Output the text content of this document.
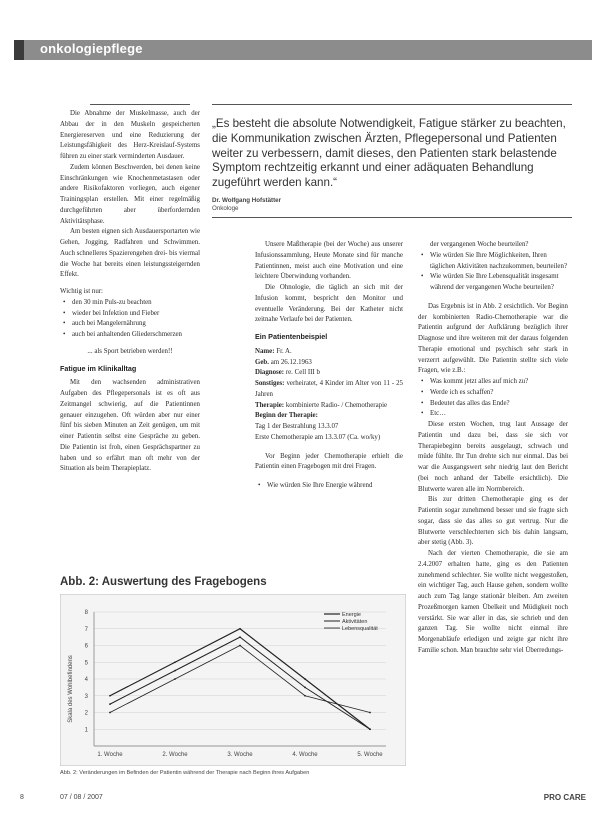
onkologiepflege

Die Abnahme der Muskelmasse, auch der Abbau der in den Muskeln gespeicherten Energiereserven und eine Reduzierung der Leistungsfähigkeit des Herz-Kreislauf-Systems führen zu einer stark verminderten Ausdauer.

Zudem können Beschwerden, bei denen keine Einschränkungen wie Knochenmetastasen oder andere Risikofaktoren vorliegen, auch eigener Trainingsplan erstellen. Mit einer regelmäßig durchgeführten aber überfordernden Aktivitätsphase.

Am besten eignen sich Ausdauersportarten wie Gehen, Jogging, Radfahren und Schwimmen. Auch schnelleres Spazierengehen drei- bis viermal die Woche hat bereits einen leistungssteigernden Effekt.

Wichtig ist nur:

• den 30 min Puls-zu beachten
• wieder bei Infektion und Fieber
• auch bei Mangelernährung
• auch bei anhaltenden Gliederschmerzen

... als Sport betrieben werden!!

Fatigue im Klinikalltag

Mit den wachsenden administrativen Aufgaben des Pflegepersonals ist es oft aus Zeitmangel schwierig, auf die Patientinnen genauer einzugehen. Oft würden aber nur einer fünf bis sieben Minuten an Zeit genügen, um mit einer Patientin selbst eine Gespräche zu geben. Die Patientin ist froh, einen Gesprächspartner zu haben und so erfährt man oft mehr von der Situation als beim Therapieplatz.

„Es besteht die absolute Notwendigkeit, Fatigue stärker zu beachten, die Kommunikation zwischen Ärzten, Pflegepersonal und Patienten weiter zu verbessern, damit dieses, den Patienten stark belastende Symptom rechtzeitig erkannt und einer adäquaten Behandlung zugeführt werden kann.“
Dr. Wolfgang Hofstätter
Onkologe

Unsere Maßtherapie (bei der Woche) aus unserer Infusionssammlung, Heute Monate sind für manche Patientinnen, meist auch eine Motivation und eine leichtere Überwindung vorhanden.

Die Ohnologie, die täglich an sich mit der Infusion kommt, bespricht den Monitor und eventuelle Veränderung. Bei der Katheter nicht zeitnahe Verlaufe bei der Patienten.

Ein Patientenbeispiel

Name: Fr. A.

Geb. am 26.12.1963

Diagnose: re. Cell III b

Sonstiges: verheiratet, 4 Kinder im Alter von 11 - 25 Jahren

Therapie: kombinierte Radio- / Chemotherapie

Beginn der Therapie:

Tag 1 der Bestrahlung 13.3.07

Erste Chemotherapie am 13.3.07 (Ca. wo/ky)

Vor Beginn jeder Chemotherapie erhielt die Patientin einen Fragebogen mit drei Fragen.

• Wie würden Sie Ihre Energie während

der vergangenen Woche beurteilen?

• Wie würden Sie Ihre Möglichkeiten, Ihren täglichen Aktivitäten nachzukommen, beurteilen?
• Wie würden Sie Ihre Lebensqualität insgesamt während der vergangenen Woche beurteilen?

Das Ergebnis ist in Abb. 2 ersichtlich. Vor Beginn der kombinierten Radio-Chemotherapie war die Patientin aufgrund der Aufklärung bezüglich ihrer Diagnose und ihre weiteren mit der daraus folgenden Therapie emotional und psychisch sehr stark in verzerrt aufgewühlt. Die Patientin stellte sich viele Fragen, wie z.B.:

• Was kommt jetzt alles auf mich zu?
• Werde ich es schaffen?
• Bedeutet das alles das Ende?
• Etc…

Diese ersten Wochen, trug laut Aussage der Patientin und dazu bei, dass sie sich vor Therapiebeginn bereits ausgelaugt, schwach und müde fühlte. Ihr Tun drehte sich nur einmal. Das bei war die Ausgangswert sehr niedrig laut den Bericht (bei noch anhand der Tabelle ersichtlich). Die Blutwerte waren alle im Normbereich.

Bis zur dritten Chemotherapie ging es der Patientin sogar zunehmend besser und sie fragte sich sogar, dass sie das alles so gut vertrug. Nur die Blutwerte verschlechterten sich bis dahin langsam, aber stetig (Abb. 3).

Nach der vierten Chemotherapie, die sie am 2.4.2007 erhalten hatte, ging es den Patienten zunehmend schlechter. Sie wollte nicht weggestoßen, ein wichtiger Tag, auch Hause gehen, sondern wollte auch zum Tag lange stationär bleiben. Am zweiten Prozeßmorgen kamen Übelkeit und Müdigkeit noch verstärkt. Sie war aller in das, sie schrieb und den ganzen Tag. Sie wollte nicht einmal ihre Morgenabläufe erledigen und zeigte gar nicht ihre Familie schon. Man brauchte sehr viel Überredungs-

Abb. 2: Auswertung des Fragebogens
Skala des Wohlbefindens
1
2
3
4
5
6
7
8
1. Woche	2. Woche	3. Woche	4. Woche	5. Woche
Energie
Aktivitäten
Lebensqualität
Abb. 2: Veränderungen im Befinden der Patientin während der Therapie nach Beginn ihres Aufgaben
8	07 / 08 / 2007	PRO CARE
